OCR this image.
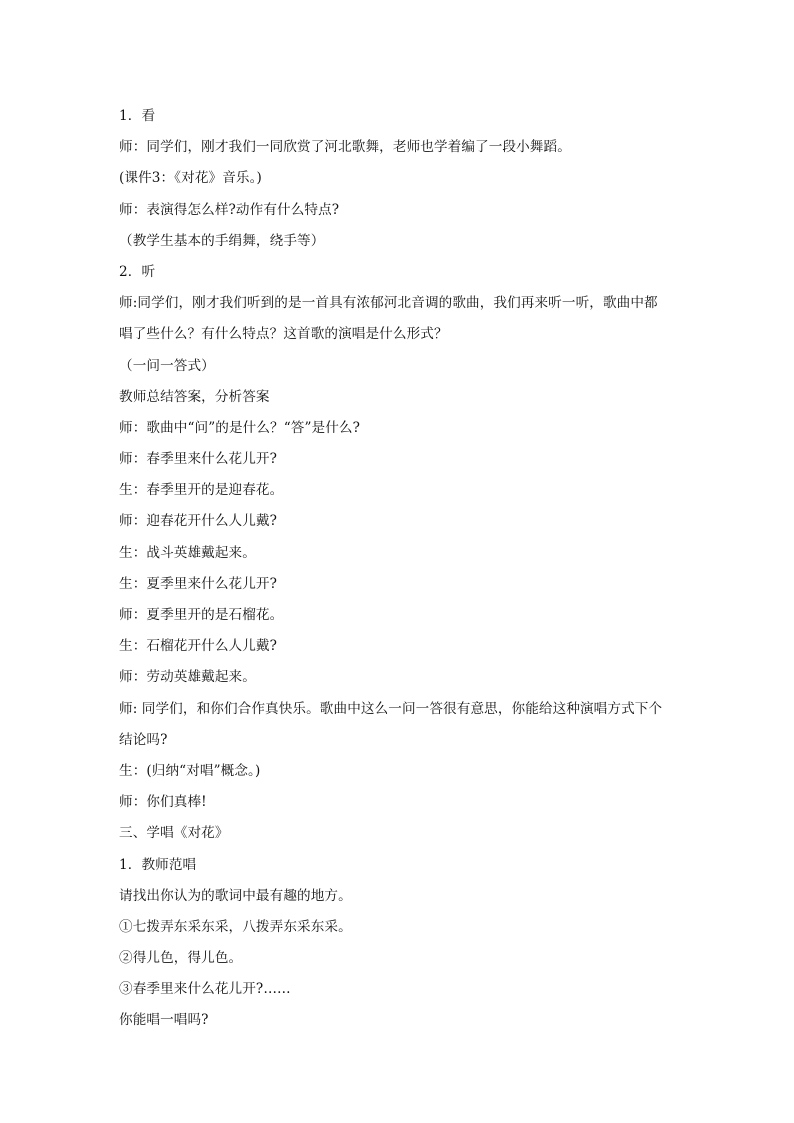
1．看
师：同学们，刚才我们一同欣赏了河北歌舞，老师也学着编了一段小舞蹈。
(课件3：《对花》音乐。)
师：表演得怎么样?动作有什么特点?
（教学生基本的手绢舞，绕手等）
2．听
师:同学们，刚才我们听到的是一首具有浓郁河北音调的歌曲，我们再来听一听，歌曲中都
唱了些什么？有什么特点？这首歌的演唱是什么形式？
（一问一答式）
教师总结答案，分析答案
师：歌曲中“问”的是什么？“答”是什么?
师：春季里来什么花儿开?
生：春季里开的是迎春花。
师：迎春花开什么人儿戴?
生：战斗英雄戴起来。
生：夏季里来什么花儿开?
师：夏季里开的是石榴花。
生：石榴花开什么人儿戴?
师：劳动英雄戴起来。
师: 同学们，和你们合作真快乐。歌曲中这么一问一答很有意思，你能给这种演唱方式下个
结论吗?
生：(归纳“对唱”概念。)
师：你们真棒!
三、学唱《对花》
1．教师范唱
请找出你认为的歌词中最有趣的地方。
①七拨弄东采东采，八拨弄东采东采。
②得儿色，得儿色。
③春季里来什么花儿开?……
你能唱一唱吗?
